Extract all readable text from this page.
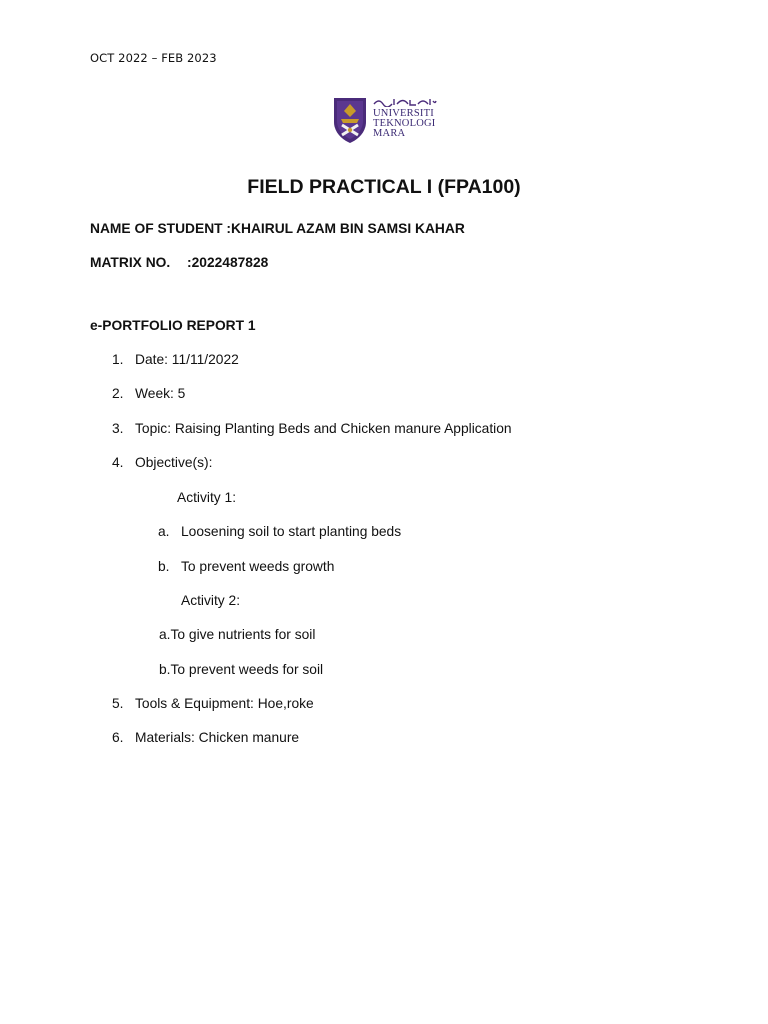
OCT 2022 – FEB 2023
UNIVERSITI
TEKNOLOGI
MARA
FIELD PRACTICAL I (FPA100)
NAME OF STUDENT :KHAIRUL AZAM BIN SAMSI KAHAR
MATRIX NO. :2022487828
e-PORTFOLIO REPORT 1
1. Date: 11/11/2022
2. Week: 5
3. Topic: Raising Planting Beds and Chicken manure Application
4. Objective(s):
Activity 1:
a. Loosening soil to start planting beds
b. To prevent weeds growth
Activity 2:
a.To give nutrients for soil
b.To prevent weeds for soil
5. Tools & Equipment: Hoe,roke
6. Materials: Chicken manure
